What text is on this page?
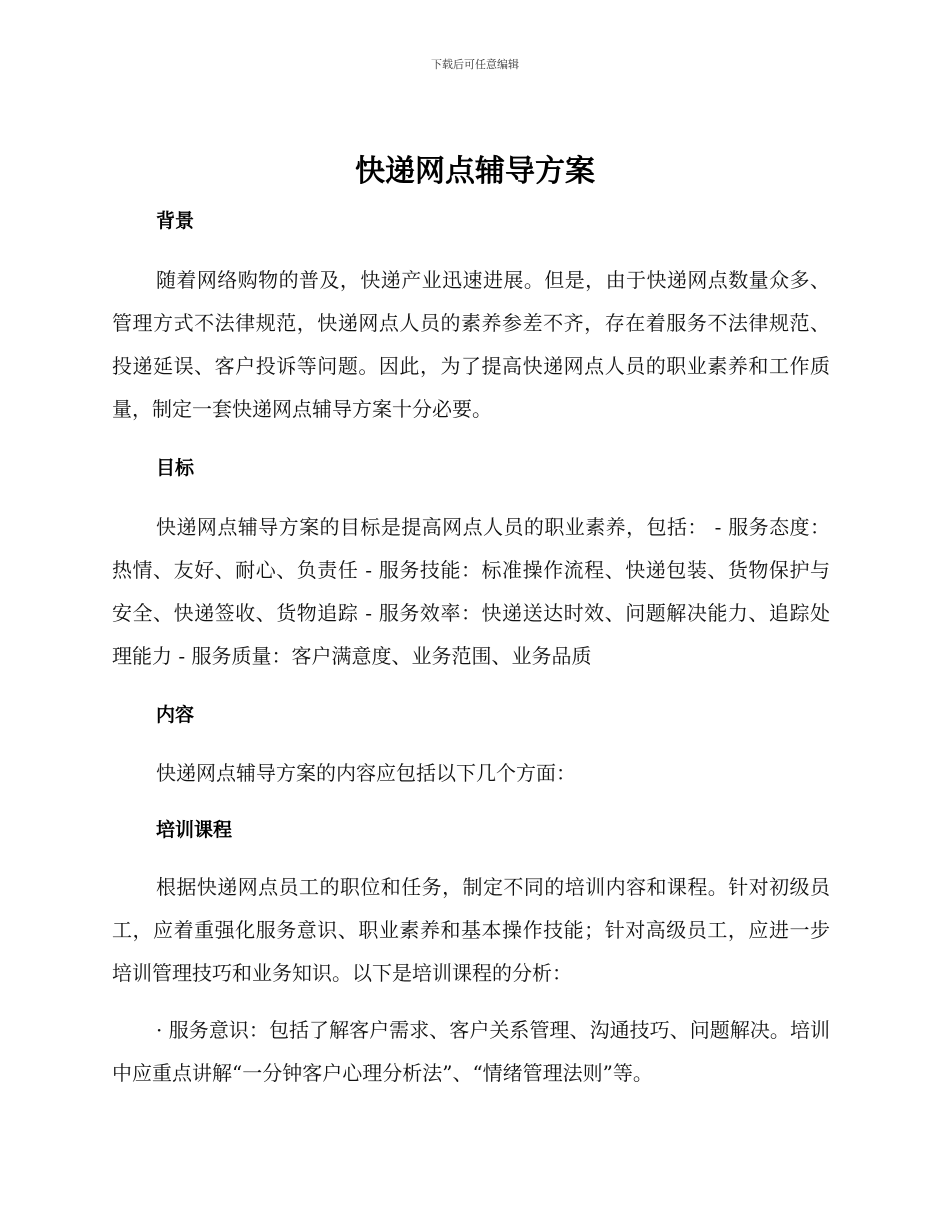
下载后可任意编辑
快递网点辅导方案
背景

随着网络购物的普及，快递产业迅速进展。但是，由于快递网点数量众多、管理方式不法律规范，快递网点人员的素养参差不齐，存在着服务不法律规范、投递延误、客户投诉等问题。因此，为了提高快递网点人员的职业素养和工作质量，制定一套快递网点辅导方案十分必要。

目标

快递网点辅导方案的目标是提高网点人员的职业素养，包括： - 服务态度：热情、友好、耐心、负责任 - 服务技能：标准操作流程、快递包装、货物保护与安全、快递签收、货物追踪 - 服务效率：快递送达时效、问题解决能力、追踪处理能力 - 服务质量：客户满意度、业务范围、业务品质

内容

快递网点辅导方案的内容应包括以下几个方面：

培训课程

根据快递网点员工的职位和任务，制定不同的培训内容和课程。针对初级员工，应着重强化服务意识、职业素养和基本操作技能；针对高级员工，应进一步培训管理技巧和业务知识。以下是培训课程的分析：

· 服务意识：包括了解客户需求、客户关系管理、沟通技巧、问题解决。培训中应重点讲解“一分钟客户心理分析法”、“情绪管理法则”等。
